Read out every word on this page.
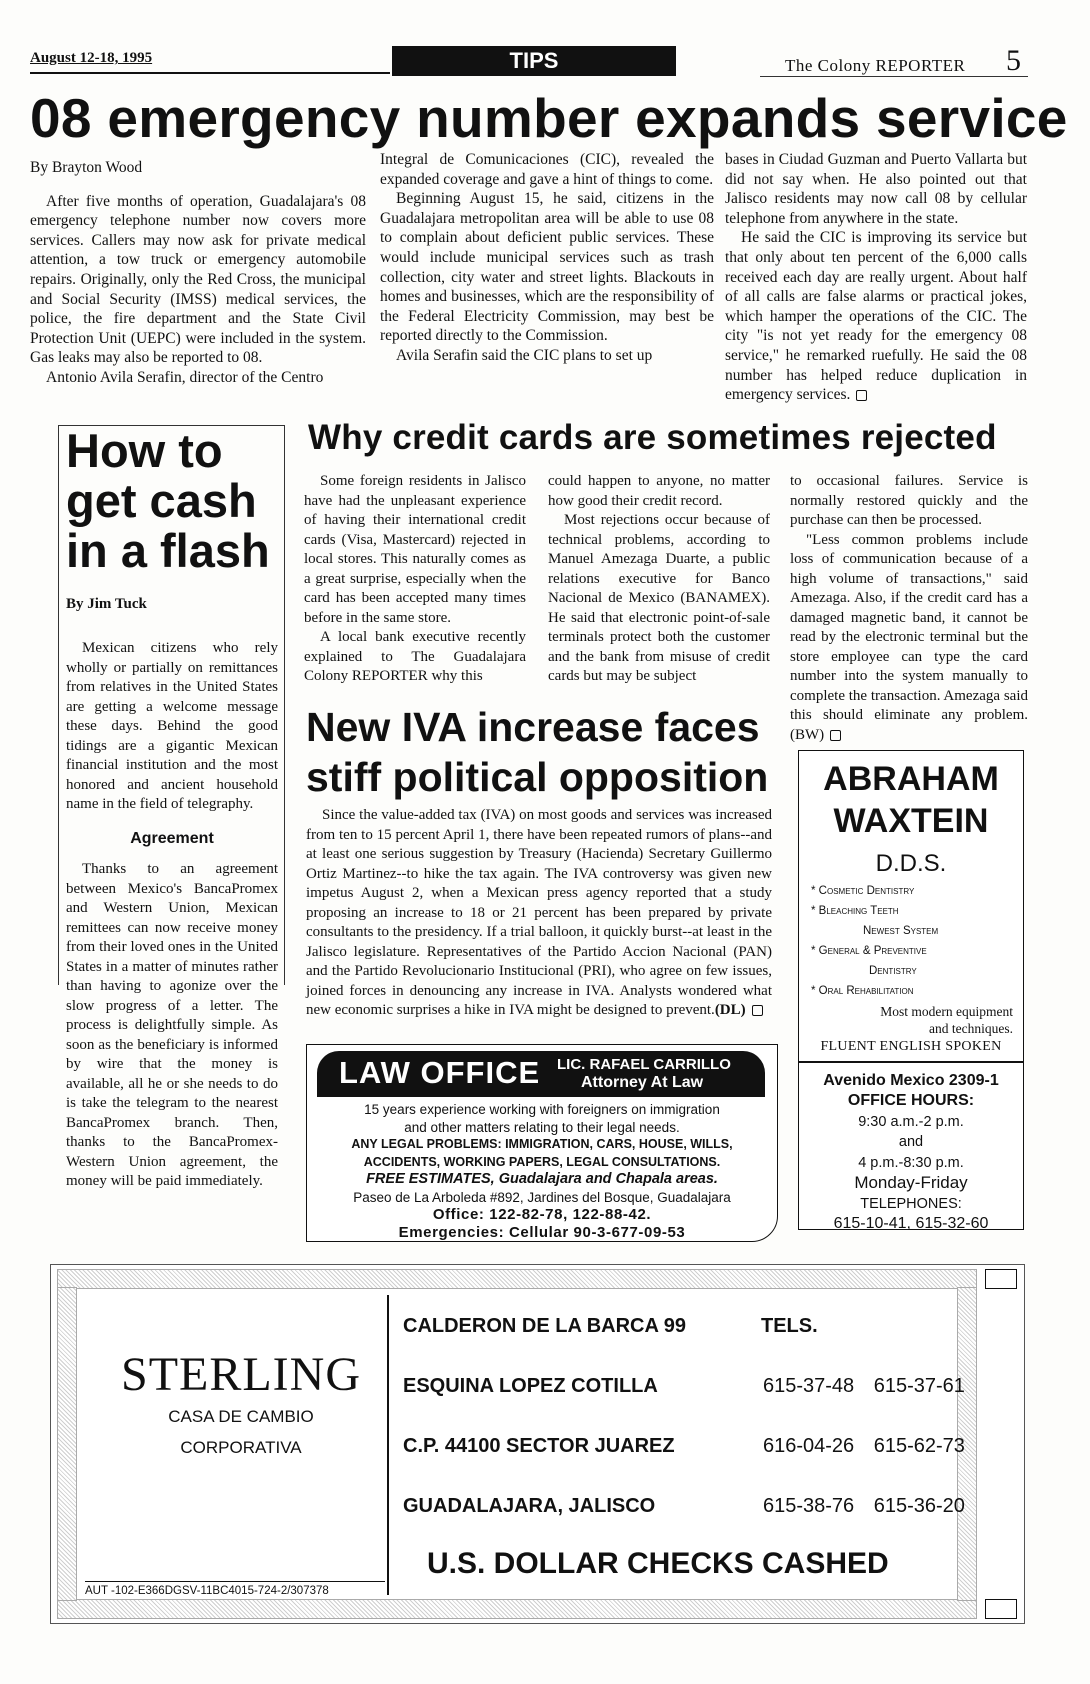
August 12-18, 1995	TIPS	The Colony REPORTER 5
08 emergency number expands service

By Brayton Wood

After five months of operation, Guadalajara's 08 emergency telephone number now covers more services. Callers may now ask for private medical attention, a tow truck or emergency automobile repairs. Originally, only the Red Cross, the municipal and Social Security (IMSS) medical services, the police, the fire department and the State Civil Protection Unit (UEPC) were included in the system. Gas leaks may also be reported to 08.

Antonio Avila Serafin, director of the Centro

Integral de Comunicaciones (CIC), revealed the expanded coverage and gave a hint of things to come.

Beginning August 15, he said, citizens in the Guadalajara metropolitan area will be able to use 08 to complain about deficient public services. These would include municipal services such as trash collection, city water and street lights. Blackouts in homes and businesses, which are the responsibility of the Federal Electricity Commission, may best be reported directly to the Commission.

Avila Serafin said the CIC plans to set up

bases in Ciudad Guzman and Puerto Vallarta but did not say when. He also pointed out that Jalisco residents may now call 08 by cellular telephone from anywhere in the state.

He said the CIC is improving its service but that only about ten percent of the 6,000 calls received each day are really urgent. About half of all calls are false alarms or practical jokes, which hamper the operations of the CIC. The city "is not yet ready for the emergency 08 service," he remarked ruefully. He said the 08 number has helped reduce duplication in emergency services.

How to
get cash
in a flash
By Jim Tuck

Mexican citizens who rely wholly or partially on remittances from relatives in the United States are getting a welcome message these days. Behind the good tidings are a gigantic Mexican financial institution and the most honored and ancient household name in the field of telegraphy.

Agreement

Thanks to an agreement between Mexico's BancaPromex and Western Union, Mexican remittees can now receive money from their loved ones in the United States in a matter of minutes rather than having to agonize over the slow progress of a letter. The process is delightfully simple. As soon as the beneficiary is informed by wire that the money is available, all he or she needs to do is take the telegram to the nearest BancaPromex branch. Then, thanks to the BancaPromex-Western Union agreement, the money will be paid immediately.

Why credit cards are sometimes rejected

Some foreign residents in Jalisco have had the unpleasant experience of having their international credit cards (Visa, Mastercard) rejected in local stores. This naturally comes as a great surprise, especially when the card has been accepted many times before in the same store.

A local bank executive recently explained to The Guadalajara Colony REPORTER why this

could happen to anyone, no matter how good their credit record.

Most rejections occur because of technical problems, according to Manuel Amezaga Duarte, a public relations executive for Banco Nacional de Mexico (BANAMEX). He said that electronic point-of-sale terminals protect both the customer and the bank from misuse of credit cards but may be subject

to occasional failures. Service is normally restored quickly and the purchase can then be processed.

"Less common problems include loss of communication because of a high volume of transactions," said Amezaga. Also, if the credit card has a damaged magnetic band, it cannot be read by the electronic terminal but the store employee can type the card number into the system manually to complete the transaction. Amezaga said this should eliminate any problem. (BW)

New IVA increase faces
stiff political opposition

Since the value-added tax (IVA) on most goods and services was increased from ten to 15 percent April 1, there have been repeated rumors of plans--and at least one serious suggestion by Treasury (Hacienda) Secretary Guillermo Ortiz Martinez--to hike the tax again. The IVA controversy was given new impetus August 2, when a Mexican press agency reported that a study proposing an increase to 18 or 21 percent has been prepared by private consultants to the presidency. If a trial balloon, it quickly burst--at least in the Jalisco legislature. Representatives of the Partido Accion Nacional (PAN) and the Partido Revolucionario Institucional (PRI), who agree on few issues, joined forces in denouncing any increase in IVA. Analysts wondered what new economic surprises a hike in IVA might be designed to prevent.(DL)

LAW OFFICE LIC. RAFAEL CARRILLO
Attorney At Law
15 years experience working with foreigners on immigration
and other matters relating to their legal needs.
ANY LEGAL PROBLEMS: IMMIGRATION, CARS, HOUSE, WILLS,
ACCIDENTS, WORKING PAPERS, LEGAL CONSULTATIONS.
FREE ESTIMATES, Guadalajara and Chapala areas.
Paseo de La Arboleda #892, Jardines del Bosque, Guadalajara
Office: 122-82-78, 122-88-42.
Emergencies: Cellular 90-3-677-09-53
ABRAHAM
WAXTEIN
D.D.S.
* Cosmetic Dentistry
* Bleaching Teeth
Newest System
* General & Preventive
Dentistry
* Oral Rehabilitation
Most modern equipment
and techniques.
FLUENT ENGLISH SPOKEN
Avenido Mexico 2309-1
OFFICE HOURS:
9:30 a.m.-2 p.m.
and
4 p.m.-8:30 p.m.
Monday-Friday
TELEPHONES:
615-10-41, 615-32-60
STERLING
CASA DE CAMBIO
CORPORATIVA
AUT -102-E366DGSV-11BC4015-724-2/307378
CALDERON DE LA BARCA 99
ESQUINA LOPEZ COTILLA
C.P. 44100 SECTOR JUAREZ
GUADALAJARA, JALISCO
TELS.
615-37-48 615-37-61
616-04-26 615-62-73
615-38-76 615-36-20
U.S. DOLLAR CHECKS CASHED
